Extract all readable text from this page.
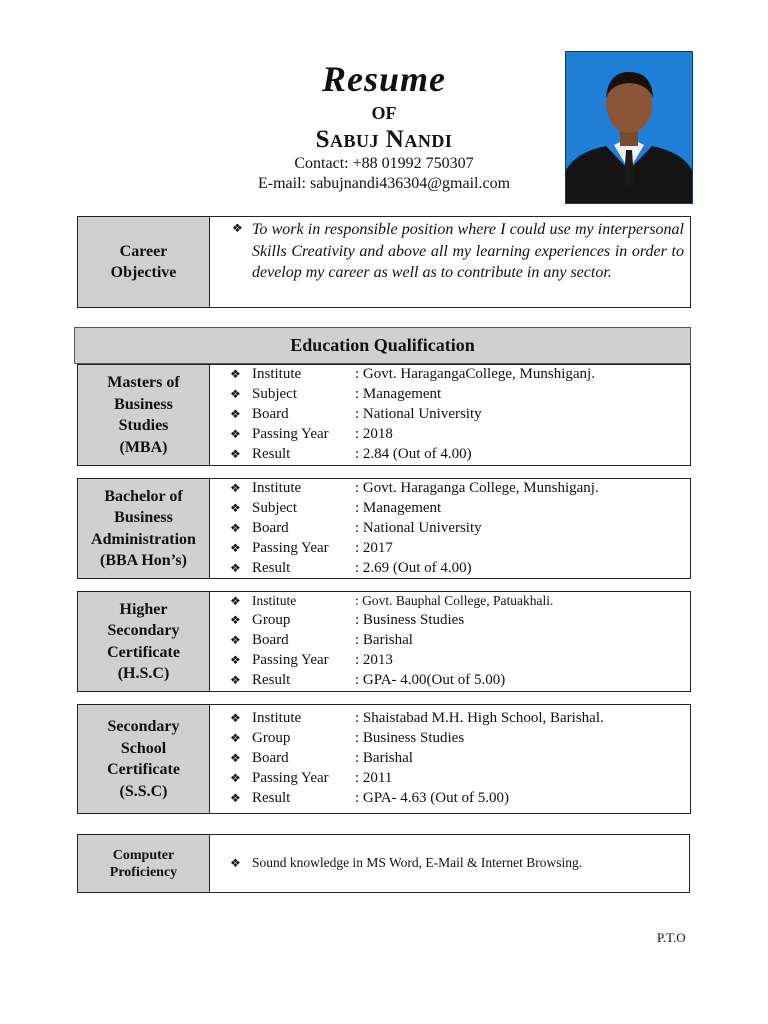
Resume
OF
Sabuj Nandi
Contact: +88 01992 750307
E-mail: sabujnandi436304@gmail.com
Career
Objective
❖ To work in responsible position where I could use my interpersonal Skills Creativity and above all my learning experiences in order to develop my career as well as to contribute in any sector.
Education Qualification
Masters of
Business
Studies
(MBA)
❖ Institute	: Govt. HaragangaCollege, Munshiganj.
❖ Subject	: Management
❖ Board	: National University
❖ Passing Year : 2018
❖ Result	: 2.84 (Out of 4.00)
Bachelor of
Business
Administration
(BBA Hon’s)
❖ Institute	: Govt. Haraganga College, Munshiganj.
❖ Subject	: Management
❖ Board	: National University
❖ Passing Year : 2017
❖ Result	: 2.69 (Out of 4.00)
Higher
Secondary
Certificate
(H.S.C)
❖ Institute	: Govt. Bauphal College, Patuakhali.
❖ Group	: Business Studies
❖ Board	: Barishal
❖ Passing Year : 2013
❖ Result	: GPA- 4.00(Out of 5.00)
Secondary
School
Certificate
(S.S.C)
❖ Institute	: Shaistabad M.H. High School, Barishal.
❖ Group	: Business Studies
❖ Board	: Barishal
❖ Passing Year : 2011
❖ Result	: GPA- 4.63 (Out of 5.00)
Computer
Proficiency
❖ Sound knowledge in MS Word, E-Mail & Internet Browsing.
P.T.O
